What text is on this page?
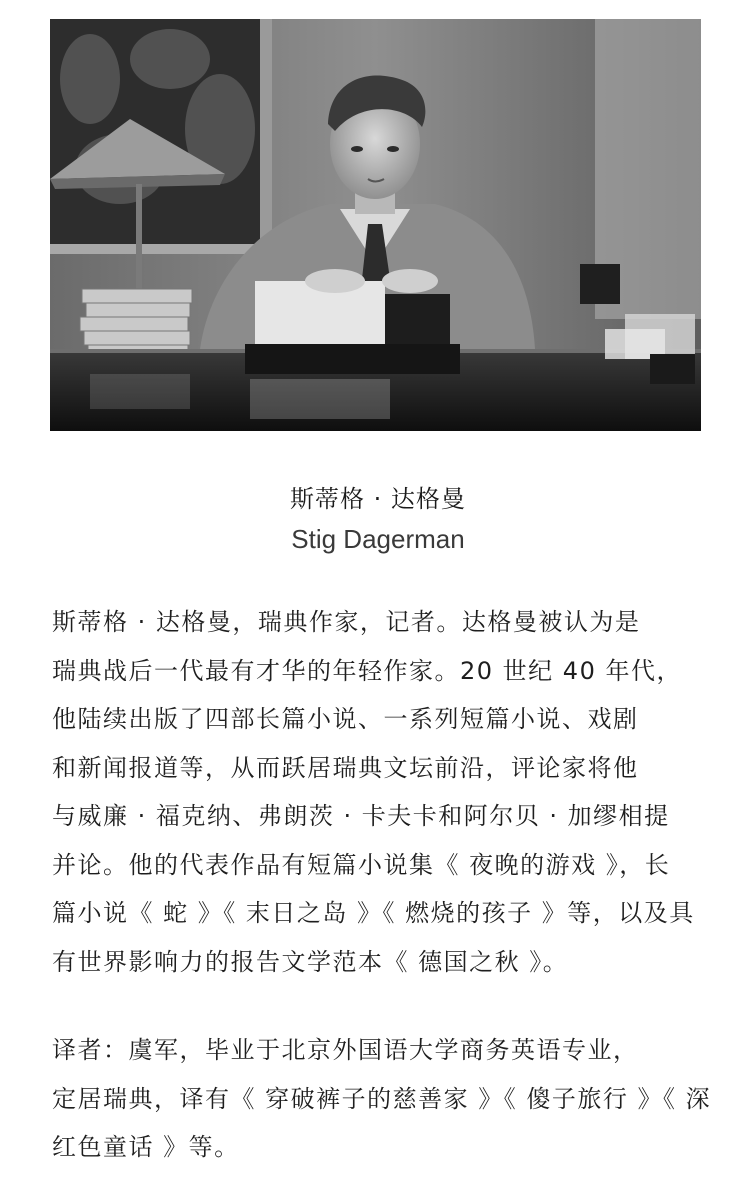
斯蒂格 · 达格曼
Stig Dagerman

斯蒂格 · 达格曼，瑞典作家，记者。达格曼被认为是
瑞典战后一代最有才华的年轻作家。20 世纪 40 年代，
他陆续出版了四部长篇小说、一系列短篇小说、戏剧
和新闻报道等，从而跃居瑞典文坛前沿，评论家将他
与威廉 · 福克纳、弗朗茨 · 卡夫卡和阿尔贝 · 加缪相提
并论。他的代表作品有短篇小说集《 夜晚的游戏 》，长
篇小说《 蛇 》《 末日之岛 》《 燃烧的孩子 》等，以及具
有世界影响力的报告文学范本《 德国之秋 》。

译者：虞军，毕业于北京外国语大学商务英语专业，
定居瑞典，译有《 穿破裤子的慈善家 》《 傻子旅行 》《 深
红色童话 》等。
